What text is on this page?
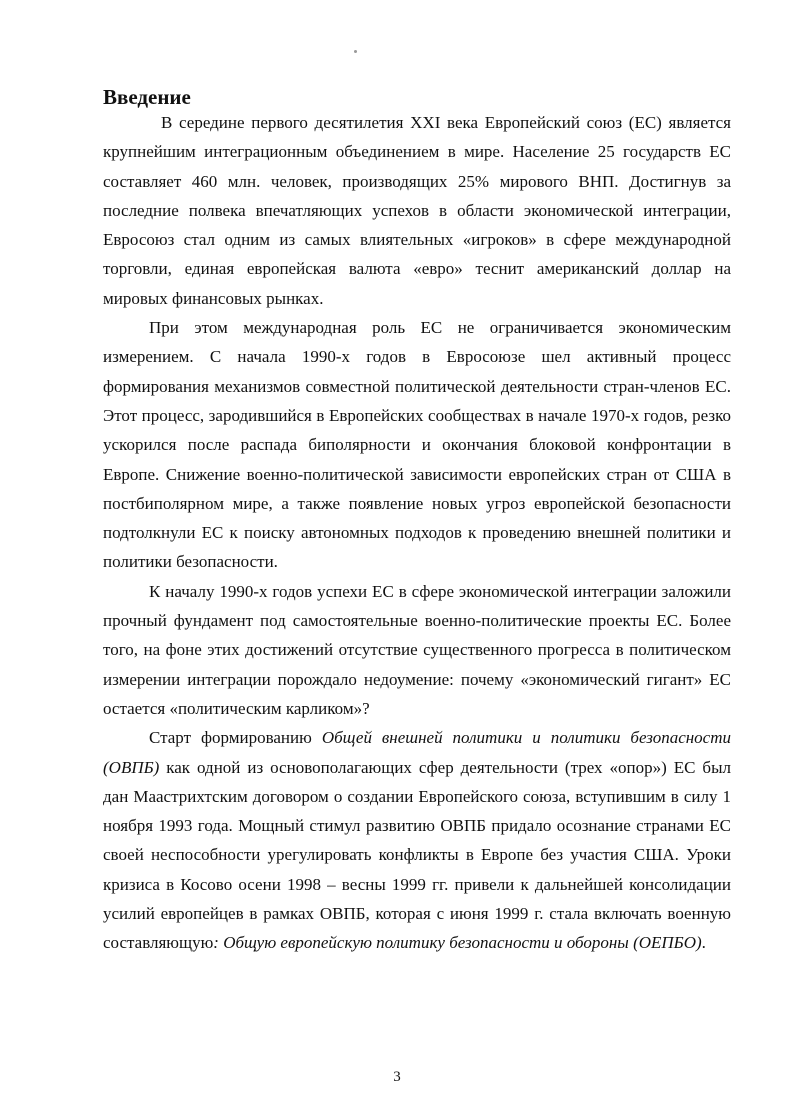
Введение

В середине первого десятилетия XXI века Европейский союз (ЕС) является крупнейшим интеграционным объединением в мире. Население 25 государств ЕС составляет 460 млн. человек, производящих 25% мирового ВНП. Достигнув за последние полвека впечатляющих успехов в области экономической интеграции, Евросоюз стал одним из самых влиятельных «игроков» в сфере международной торговли, единая европейская валюта «евро» теснит американский доллар на мировых финансовых рынках.

При этом международная роль ЕС не ограничивается экономическим измерением. С начала 1990-х годов в Евросоюзе шел активный процесс формирования механизмов совместной политической деятельности стран-членов ЕС. Этот процесс, зародившийся в Европейских сообществах в начале 1970-х годов, резко ускорился после распада биполярности и окончания блоковой конфронтации в Европе. Снижение военно-политической зависимости европейских стран от США в постбиполярном мире, а также появление новых угроз европейской безопасности подтолкнули ЕС к поиску автономных подходов к проведению внешней политики и политики безопасности.

К началу 1990-х годов успехи ЕС в сфере экономической интеграции заложили прочный фундамент под самостоятельные военно-политические проекты ЕС. Более того, на фоне этих достижений отсутствие существенного прогресса в политическом измерении интеграции порождало недоумение: почему «экономический гигант» ЕС остается «политическим карликом»?

Старт формированию Общей внешней политики и политики безопасности (ОВПБ) как одной из основополагающих сфер деятельности (трех «опор») ЕС был дан Маастрихтским договором о создании Европейского союза, вступившим в силу 1 ноября 1993 года. Мощный стимул развитию ОВПБ придало осознание странами ЕС своей неспособности урегулировать конфликты в Европе без участия США. Уроки кризиса в Косово осени 1998 – весны 1999 гг. привели к дальнейшей консолидации усилий европейцев в рамках ОВПБ, которая с июня 1999 г. стала включать военную составляющую: Общую европейскую политику безопасности и обороны (ОЕПБО).

3
